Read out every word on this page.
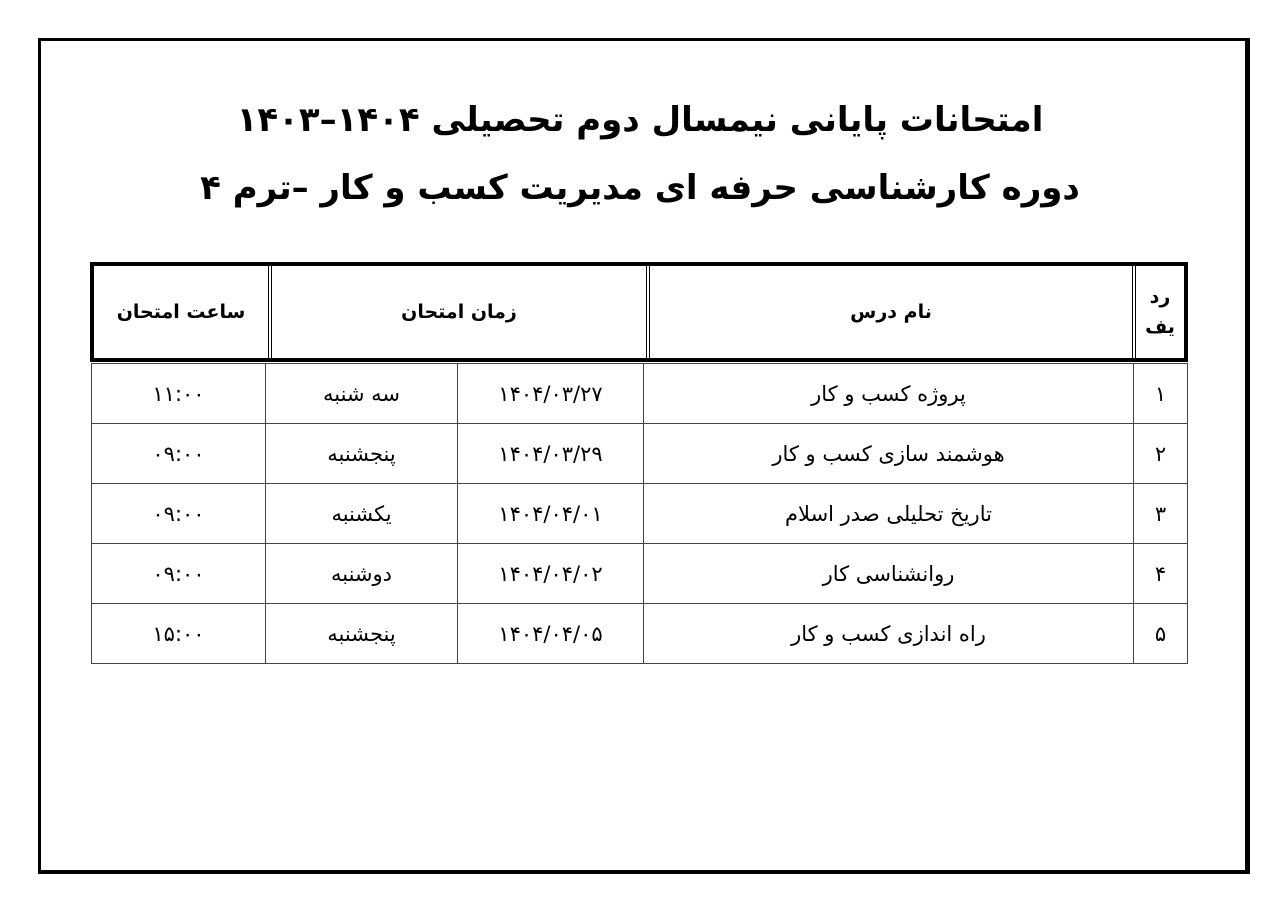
امتحانات پایانی نیمسال دوم تحصیلی ۱۴۰۴–۱۴۰۳
دوره کارشناسی حرفه ای مدیریت کسب و کار –ترم ۴
رد
یف	نام درس	زمان امتحان	ساعت امتحان
۱	پروژه کسب و کار	۱۴۰۴/۰۳/۲۷	سه شنبه	۱۱:۰۰
۲	هوشمند سازی کسب و کار	۱۴۰۴/۰۳/۲۹	پنجشنبه	۰۹:۰۰
۳	تاریخ تحلیلی صدر اسلام	۱۴۰۴/۰۴/۰۱	یکشنبه	۰۹:۰۰
۴	روانشناسی کار	۱۴۰۴/۰۴/۰۲	دوشنبه	۰۹:۰۰
۵	راه اندازی کسب و کار	۱۴۰۴/۰۴/۰۵	پنجشنبه	۱۵:۰۰
